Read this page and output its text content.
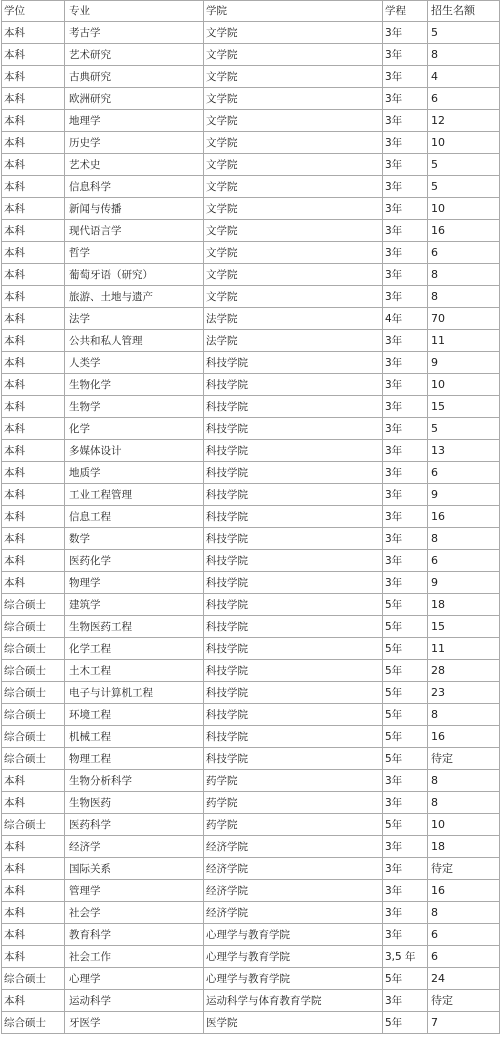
学位	专业	学院	学程	招生名额
本科	考古学	文学院	3年	5
本科	艺术研究	文学院	3年	8
本科	古典研究	文学院	3年	4
本科	欧洲研究	文学院	3年	6
本科	地理学	文学院	3年	12
本科	历史学	文学院	3年	10
本科	艺术史	文学院	3年	5
本科	信息科学	文学院	3年	5
本科	新闻与传播	文学院	3年	10
本科	现代语言学	文学院	3年	16
本科	哲学	文学院	3年	6
本科	葡萄牙语（研究）	文学院	3年	8
本科	旅游、土地与遗产	文学院	3年	8
本科	法学	法学院	4年	70
本科	公共和私人管理	法学院	3年	11
本科	人类学	科技学院	3年	9
本科	生物化学	科技学院	3年	10
本科	生物学	科技学院	3年	15
本科	化学	科技学院	3年	5
本科	多媒体设计	科技学院	3年	13
本科	地质学	科技学院	3年	6
本科	工业工程管理	科技学院	3年	9
本科	信息工程	科技学院	3年	16
本科	数学	科技学院	3年	8
本科	医药化学	科技学院	3年	6
本科	物理学	科技学院	3年	9
综合硕士	建筑学	科技学院	5年	18
综合硕士	生物医药工程	科技学院	5年	15
综合硕士	化学工程	科技学院	5年	11
综合硕士	土木工程	科技学院	5年	28
综合硕士	电子与计算机工程	科技学院	5年	23
综合硕士	环境工程	科技学院	5年	8
综合硕士	机械工程	科技学院	5年	16
综合硕士	物理工程	科技学院	5年	待定
本科	生物分析科学	药学院	3年	8
本科	生物医药	药学院	3年	8
综合硕士	医药科学	药学院	5年	10
本科	经济学	经济学院	3年	18
本科	国际关系	经济学院	3年	待定
本科	管理学	经济学院	3年	16
本科	社会学	经济学院	3年	8
本科	教育科学	心理学与教育学院	3年	6
本科	社会工作	心理学与教育学院	3,5 年	6
综合硕士	心理学	心理学与教育学院	5年	24
本科	运动科学	运动科学与体育教育学院	3年	待定
综合硕士	牙医学	医学院	5年	7
